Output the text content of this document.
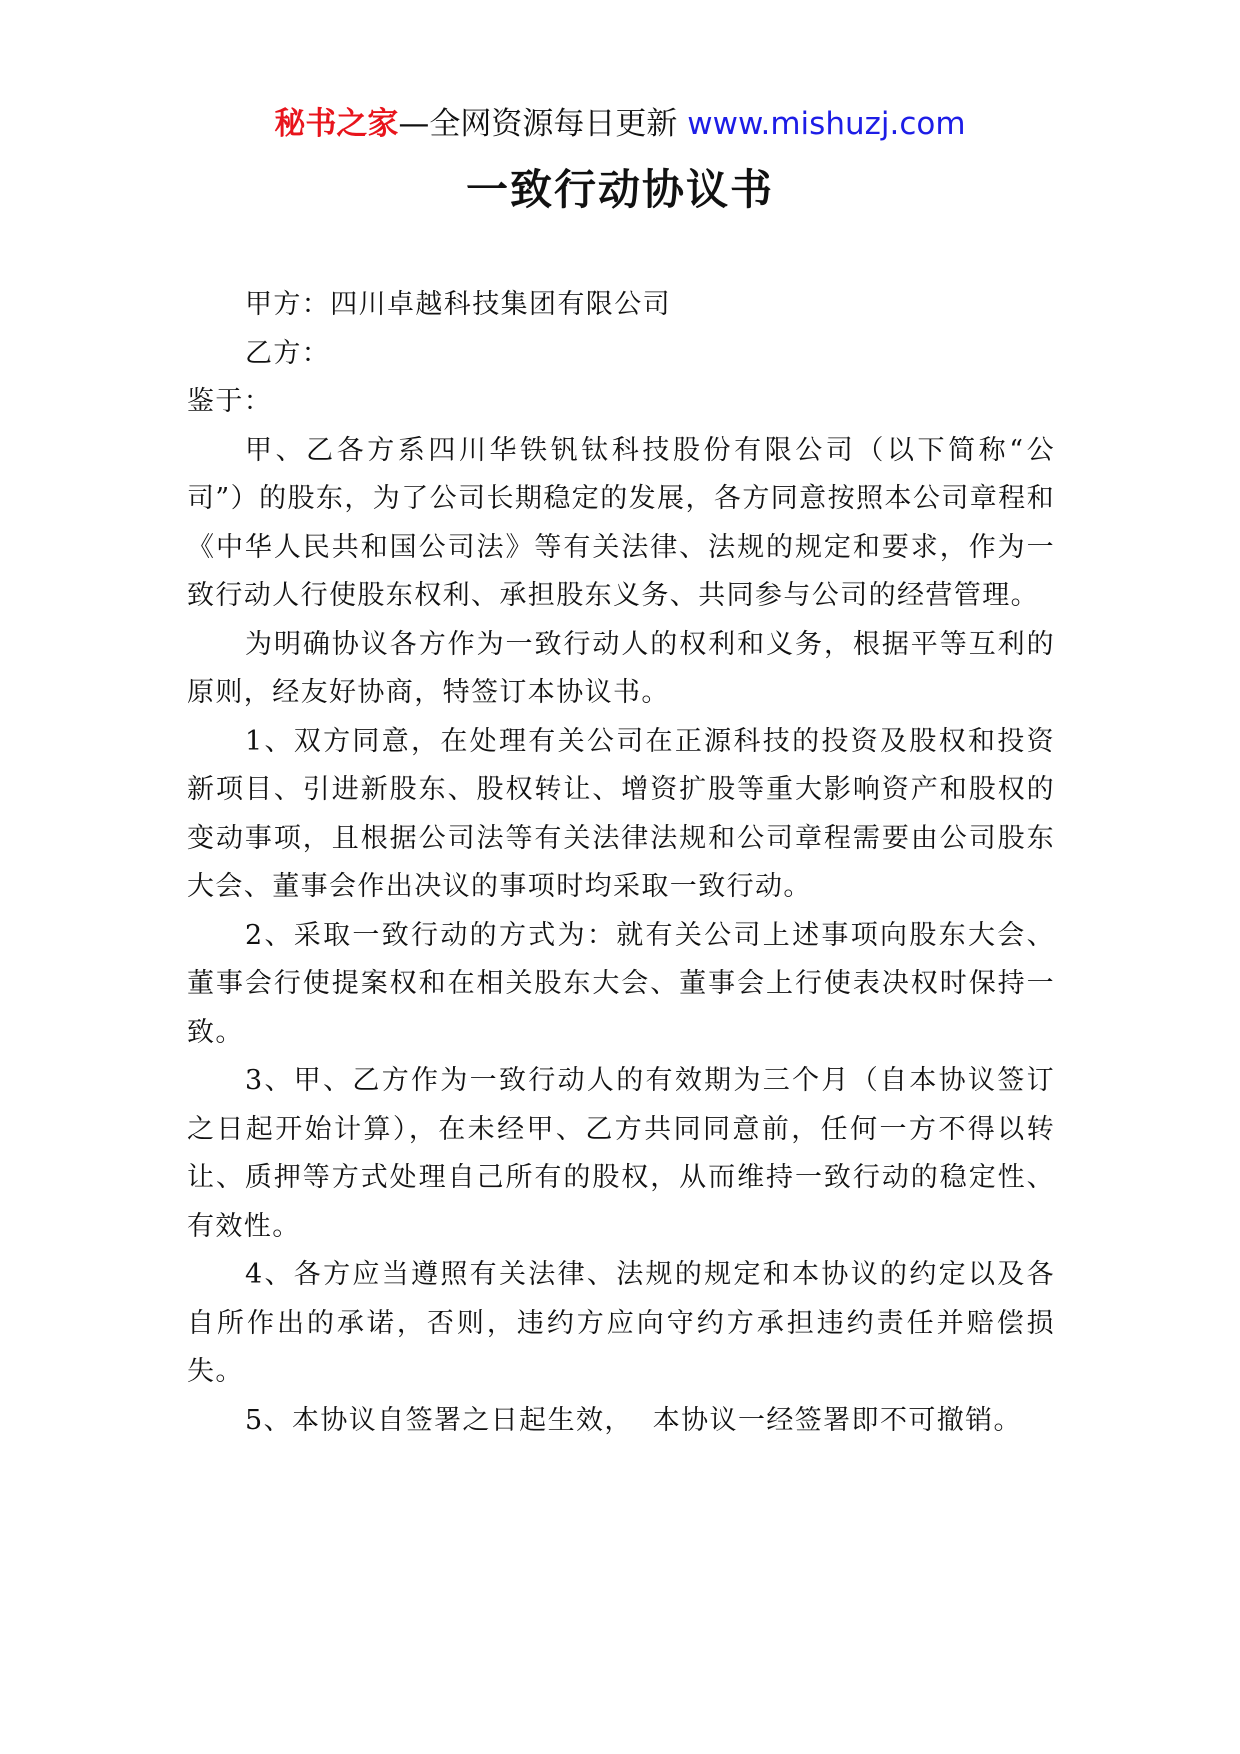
秘书之家—全网资源每日更新 www.mishuzj.com
一致行动协议书

甲方：四川卓越科技集团有限公司

乙方：

鉴于：

甲、乙各方系四川华铁钒钛科技股份有限公司（以下简称“公司”）的股东，为了公司长期稳定的发展，各方同意按照本公司章程和《中华人民共和国公司法》等有关法律、法规的规定和要求，作为一致行动人行使股东权利、承担股东义务、共同参与公司的经营管理。

为明确协议各方作为一致行动人的权利和义务，根据平等互利的原则，经友好协商，特签订本协议书。

1、双方同意，在处理有关公司在正源科技的投资及股权和投资新项目、引进新股东、股权转让、增资扩股等重大影响资产和股权的变动事项，且根据公司法等有关法律法规和公司章程需要由公司股东大会、董事会作出决议的事项时均采取一致行动。

2、采取一致行动的方式为：就有关公司上述事项向股东大会、董事会行使提案权和在相关股东大会、董事会上行使表决权时保持一致。

3、甲、乙方作为一致行动人的有效期为三个月（自本协议签订之日起开始计算），在未经甲、乙方共同同意前，任何一方不得以转让、质押等方式处理自己所有的股权，从而维持一致行动的稳定性、有效性。

4、各方应当遵照有关法律、法规的规定和本协议的约定以及各自所作出的承诺，否则，违约方应向守约方承担违约责任并赔偿损失。

5、本协议自签署之日起生效，  本协议一经签署即不可撤销。
